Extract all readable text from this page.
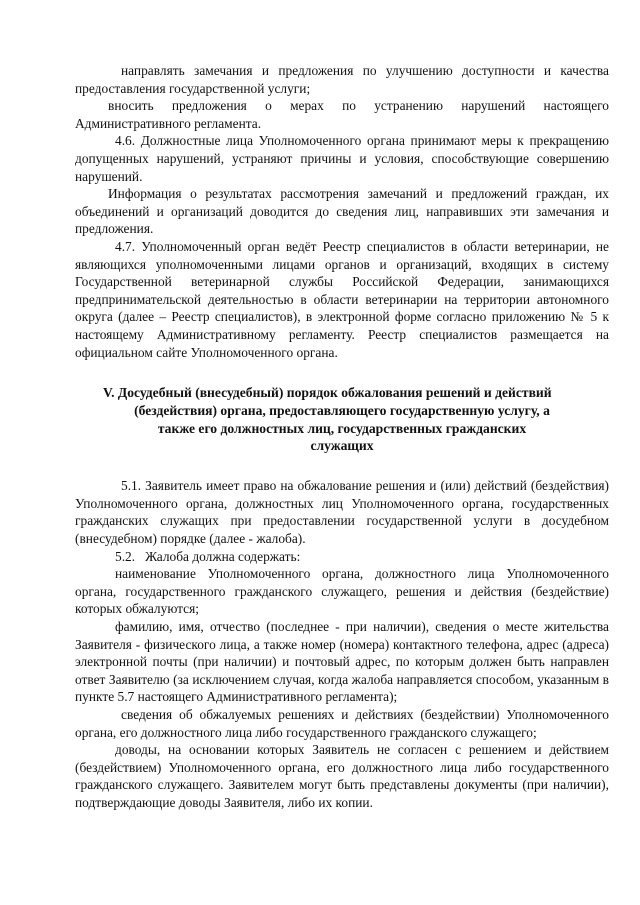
направлять замечания и предложения по улучшению доступности и качества предоставления государственной услуги;

вносить предложения о мерах по устранению нарушений настоящего Административного регламента.

4.6. Должностные лица Уполномоченного органа принимают меры к прекращению допущенных нарушений, устраняют причины и условия, способствующие совершению нарушений.

Информация о результатах рассмотрения замечаний и предложений граждан, их объединений и организаций доводится до сведения лиц, направивших эти замечания и предложения.

4.7. Уполномоченный орган ведёт Реестр специалистов в области ветеринарии, не являющихся уполномоченными лицами органов и организаций, входящих в систему Государственной ветеринарной службы Российской Федерации, занимающихся предпринимательской деятельностью в области ветеринарии на территории автономного округа (далее – Реестр специалистов), в электронной форме согласно приложению № 5 к настоящему Административному регламенту. Реестр специалистов размещается на официальном сайте Уполномоченного органа.

V. Досудебный (внесудебный) порядок обжалования решений и действий
(бездействия) органа, предоставляющего государственную услугу, а
также его должностных лиц, государственных гражданских
служащих

5.1. Заявитель имеет право на обжалование решения и (или) действий (бездействия) Уполномоченного органа, должностных лиц Уполномоченного органа, государственных гражданских служащих при предоставлении государственной услуги в досудебном (внесудебном) порядке (далее - жалоба).

5.2.   Жалоба должна содержать:

наименование Уполномоченного органа, должностного лица Уполномоченного органа, государственного гражданского служащего, решения и действия (бездействие) которых обжалуются;

фамилию, имя, отчество (последнее - при наличии), сведения о месте жительства Заявителя - физического лица, а также номер (номера) контактного телефона, адрес (адреса) электронной почты (при наличии) и почтовый адрес, по которым должен быть направлен ответ Заявителю (за исключением случая, когда жалоба направляется способом, указанным в пункте 5.7 настоящего Административного регламента);

сведения об обжалуемых решениях и действиях (бездействии) Уполномоченного органа, его должностного лица либо государственного гражданского служащего;

доводы, на основании которых Заявитель не согласен с решением и действием (бездействием) Уполномоченного органа, его должностного лица либо государственного гражданского служащего. Заявителем могут быть представлены документы (при наличии), подтверждающие доводы Заявителя, либо их копии.
